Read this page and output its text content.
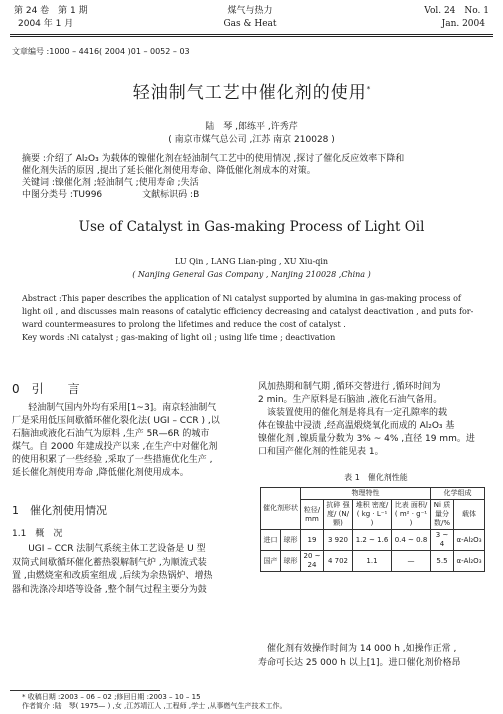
第 24 卷　第 1 期
2004 年 1 月
煤气与热力
Gas & Heat
Vol. 24　No. 1
Jan. 2004
文章编号 :1000 – 4416( 2004 )01 – 0052 – 03
轻油制气工艺中催化剂的使用*
陆　琴 ,郎练平 ,许秀芹
( 南京市煤气总公司 ,江苏 南京 210028 )

摘要 :介绍了 Al₂O₃ 为载体的镍催化剂在轻油制气工艺中的使用情况 ,探讨了催化反应效率下降和

催化剂失活的原因 ,提出了延长催化剂使用寿命、降低催化剂成本的对策。

关键词 :镍催化剂 ;轻油制气 ;使用寿命 ;失活

中图分类号 :TU996	文献标识码 :B

Use of Catalyst in Gas-making Process of Light Oil
LU Qin , LANG Lian-ping , XU Xiu-qin
( Nanjing General Gas Company , Nanjing 210028 ,China )

Abstract :This paper describes the application of Ni catalyst supported by alumina in gas-making process of

light oil , and discusses main reasons of catalytic efficiency decreasing and catalyst deactivation , and puts for-

ward countermeasures to prolong the lifetimes and reduce the cost of catalyst .

Key words :Ni catalyst ; gas-making of light oil ; using life time ; deactivation

0　引　　言

轻油制气国内外均有采用[1~3]。南京轻油制气

厂是采用低压间歇循环催化裂化法( UGI – CCR ) ,以

石脑油或液化石油气为原料 ,生产 5R—6R 的城市

煤气。自 2000 年建成投产以来 ,在生产中对催化剂

的使用积累了一些经验 ,采取了一些措施优化生产 ,

延长催化剂使用寿命 ,降低催化剂使用成本。

1　催化剂使用情况
1.1　概　况

UGI – CCR 法制气系统主体工艺设备是 U 型

双筒式间歇循环催化蓄热裂解制气炉 ,为顺流式装

置 ,由燃烧室和改质室组成 ,后续为余热锅炉、增热

器和洗涤冷却塔等设备 ,整个制气过程主要分为鼓

风加热期和制气期 ,循环交替进行 ,循环时间为

2 min。生产原料是石脑油 ,液化石油气备用。

　该装置使用的催化剂是将具有一定孔隙率的载

体在镍盐中浸渍 ,经高温煅烧氧化而成的 Al₂O₃ 基

镍催化剂 ,镍质量分数为 3% ~ 4% ,直径 19 mm。进

口和国产催化剂的性能见表 1。

表 1　催化剂性能
催化剂形状		物理特性				化学组成	
		粒径/ mm	抗碎 强度/ (N/颗)	堆积 密度/ ( kg · L⁻¹ )	比表 面积/ ( m² · g⁻¹ )	Ni 质 量分 数/%	载体
进口	球形	19	3 920	1.2 ~ 1.6	0.4 ~ 0.8	3 ~ 4	α-Al₂O₃
国产	球形	20 ~ 24	4 702	1.1	—	5.5	α-Al₂O₃

　催化剂有效操作时间为 14 000 h ,如操作正常 ,

寿命可长达 25 000 h 以上[1]。进口催化剂价格昂

* 收稿日期 :2003 – 06 – 02 ;修回日期 :2003 – 10 – 15
作者简介 :陆　琴( 1975— ) ,女 ,江苏靖江人 ,工程师 ,学士 ,从事燃气生产技术工作。
